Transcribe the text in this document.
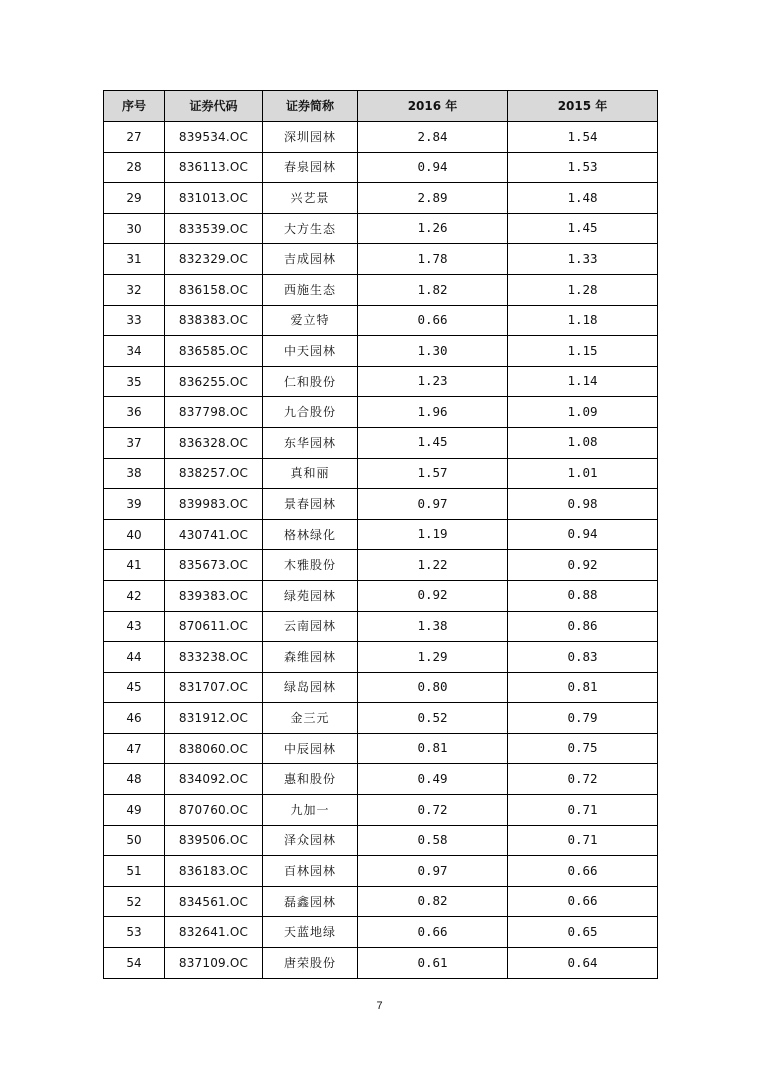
序号	证券代码	证券简称	2016 年	2015 年
27	839534.OC	深圳园林	2.84	1.54
28	836113.OC	春泉园林	0.94	1.53
29	831013.OC	兴艺景	2.89	1.48
30	833539.OC	大方生态	1.26	1.45
31	832329.OC	吉成园林	1.78	1.33
32	836158.OC	西施生态	1.82	1.28
33	838383.OC	爱立特	0.66	1.18
34	836585.OC	中天园林	1.30	1.15
35	836255.OC	仁和股份	1.23	1.14
36	837798.OC	九合股份	1.96	1.09
37	836328.OC	东华园林	1.45	1.08
38	838257.OC	真和丽	1.57	1.01
39	839983.OC	景春园林	0.97	0.98
40	430741.OC	格林绿化	1.19	0.94
41	835673.OC	木雅股份	1.22	0.92
42	839383.OC	绿苑园林	0.92	0.88
43	870611.OC	云南园林	1.38	0.86
44	833238.OC	森维园林	1.29	0.83
45	831707.OC	绿岛园林	0.80	0.81
46	831912.OC	金三元	0.52	0.79
47	838060.OC	中辰园林	0.81	0.75
48	834092.OC	惠和股份	0.49	0.72
49	870760.OC	九加一	0.72	0.71
50	839506.OC	泽众园林	0.58	0.71
51	836183.OC	百林园林	0.97	0.66
52	834561.OC	磊鑫园林	0.82	0.66
53	832641.OC	天蓝地绿	0.66	0.65
54	837109.OC	唐荣股份	0.61	0.64
7
